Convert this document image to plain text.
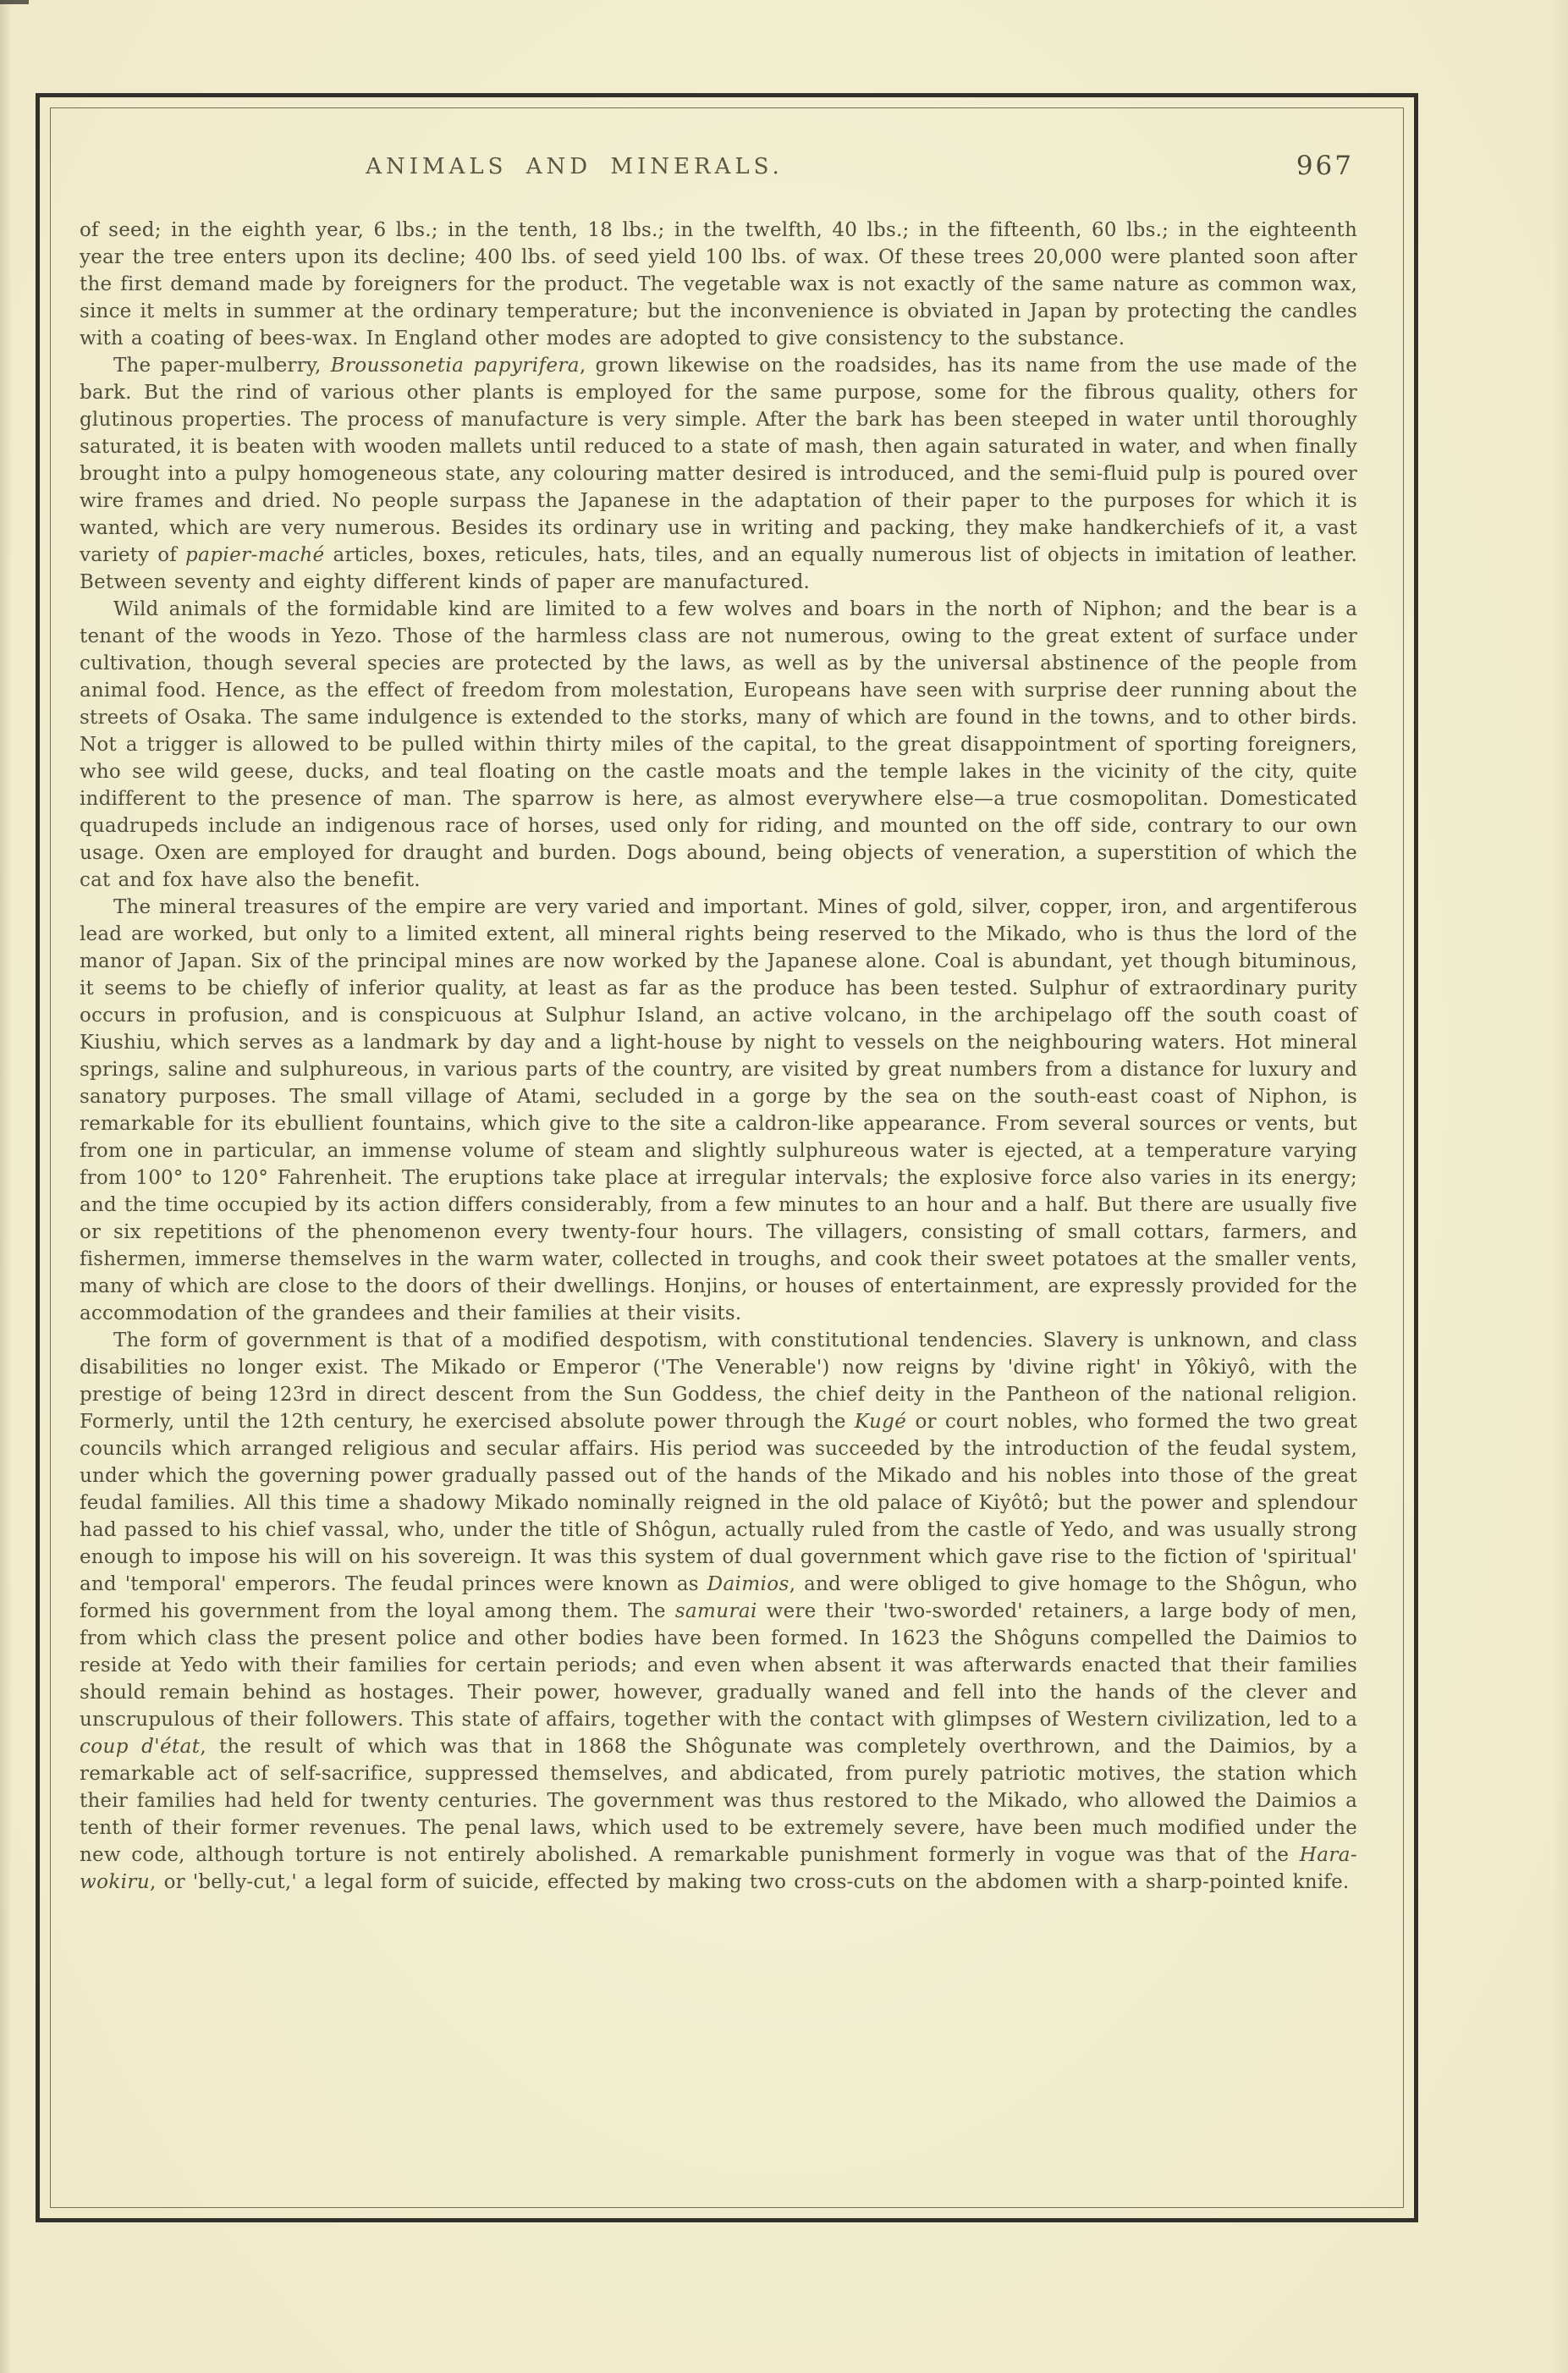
ANIMALS AND MINERALS.	967

of seed; in the eighth year, 6 lbs.; in the tenth, 18 lbs.; in the twelfth, 40 lbs.; in the fifteenth, 60 lbs.; in the eighteenth year the tree enters upon its decline; 400 lbs. of seed yield 100 lbs. of wax. Of these trees 20,000 were planted soon after the first demand made by foreigners for the product. The vegetable wax is not exactly of the same nature as common wax, since it melts in summer at the ordinary temperature; but the inconvenience is obviated in Japan by protecting the candles with a coating of bees-wax. In England other modes are adopted to give consistency to the substance.

The paper-mulberry, Broussonetia papyrifera, grown likewise on the roadsides, has its name from the use made of the bark. But the rind of various other plants is employed for the same purpose, some for the fibrous quality, others for glutinous properties. The process of manufacture is very simple. After the bark has been steeped in water until thoroughly saturated, it is beaten with wooden mallets until reduced to a state of mash, then again saturated in water, and when finally brought into a pulpy homogeneous state, any colouring matter desired is introduced, and the semi-fluid pulp is poured over wire frames and dried. No people surpass the Japanese in the adaptation of their paper to the purposes for which it is wanted, which are very numerous. Besides its ordinary use in writing and packing, they make handkerchiefs of it, a vast variety of papier-maché articles, boxes, reticules, hats, tiles, and an equally numerous list of objects in imitation of leather. Between seventy and eighty different kinds of paper are manufactured.

Wild animals of the formidable kind are limited to a few wolves and boars in the north of Niphon; and the bear is a tenant of the woods in Yezo. Those of the harmless class are not numerous, owing to the great extent of surface under cultivation, though several species are protected by the laws, as well as by the universal abstinence of the people from animal food. Hence, as the effect of freedom from molestation, Europeans have seen with surprise deer running about the streets of Osaka. The same indulgence is extended to the storks, many of which are found in the towns, and to other birds. Not a trigger is allowed to be pulled within thirty miles of the capital, to the great disappointment of sporting foreigners, who see wild geese, ducks, and teal floating on the castle moats and the temple lakes in the vicinity of the city, quite indifferent to the presence of man. The sparrow is here, as almost everywhere else—a true cosmopolitan. Domesticated quadrupeds include an indigenous race of horses, used only for riding, and mounted on the off side, contrary to our own usage. Oxen are employed for draught and burden. Dogs abound, being objects of veneration, a superstition of which the cat and fox have also the benefit.

The mineral treasures of the empire are very varied and important. Mines of gold, silver, copper, iron, and argentiferous lead are worked, but only to a limited extent, all mineral rights being reserved to the Mikado, who is thus the lord of the manor of Japan. Six of the principal mines are now worked by the Japanese alone. Coal is abundant, yet though bituminous, it seems to be chiefly of inferior quality, at least as far as the produce has been tested. Sulphur of extraordinary purity occurs in profusion, and is conspicuous at Sulphur Island, an active volcano, in the archipelago off the south coast of Kiushiu, which serves as a landmark by day and a light-house by night to vessels on the neighbouring waters. Hot mineral springs, saline and sulphureous, in various parts of the country, are visited by great numbers from a distance for luxury and sanatory purposes. The small village of Atami, secluded in a gorge by the sea on the south-east coast of Niphon, is remarkable for its ebullient fountains, which give to the site a caldron-like appearance. From several sources or vents, but from one in particular, an immense volume of steam and slightly sulphureous water is ejected, at a temperature varying from 100° to 120° Fahrenheit. The eruptions take place at irregular intervals; the explosive force also varies in its energy; and the time occupied by its action differs considerably, from a few minutes to an hour and a half. But there are usually five or six repetitions of the phenomenon every twenty-four hours. The villagers, consisting of small cottars, farmers, and fishermen, immerse themselves in the warm water, collected in troughs, and cook their sweet potatoes at the smaller vents, many of which are close to the doors of their dwellings. Honjins, or houses of entertainment, are expressly provided for the accommodation of the grandees and their families at their visits.

The form of government is that of a modified despotism, with constitutional tendencies. Slavery is unknown, and class disabilities no longer exist. The Mikado or Emperor ('The Venerable') now reigns by 'divine right' in Yôkiyô, with the prestige of being 123rd in direct descent from the Sun Goddess, the chief deity in the Pantheon of the national religion. Formerly, until the 12th century, he exercised absolute power through the Kugé or court nobles, who formed the two great councils which arranged religious and secular affairs. His period was succeeded by the introduction of the feudal system, under which the governing power gradually passed out of the hands of the Mikado and his nobles into those of the great feudal families. All this time a shadowy Mikado nominally reigned in the old palace of Kiyôtô; but the power and splendour had passed to his chief vassal, who, under the title of Shôgun, actually ruled from the castle of Yedo, and was usually strong enough to impose his will on his sovereign. It was this system of dual government which gave rise to the fiction of 'spiritual' and 'temporal' emperors. The feudal princes were known as Daimios, and were obliged to give homage to the Shôgun, who formed his government from the loyal among them. The samurai were their 'two-sworded' retainers, a large body of men, from which class the present police and other bodies have been formed. In 1623 the Shôguns compelled the Daimios to reside at Yedo with their families for certain periods; and even when absent it was afterwards enacted that their families should remain behind as hostages. Their power, however, gradually waned and fell into the hands of the clever and unscrupulous of their followers. This state of affairs, together with the contact with glimpses of Western civilization, led to a coup d'état, the result of which was that in 1868 the Shôgunate was completely overthrown, and the Daimios, by a remarkable act of self-sacrifice, suppressed themselves, and abdicated, from purely patriotic motives, the station which their families had held for twenty centuries. The government was thus restored to the Mikado, who allowed the Daimios a tenth of their former revenues. The penal laws, which used to be extremely severe, have been much modified under the new code, although torture is not entirely abolished. A remarkable punishment formerly in vogue was that of the Hara-wokiru, or 'belly-cut,' a legal form of suicide, effected by making two cross-cuts on the abdomen with a sharp-pointed knife.
